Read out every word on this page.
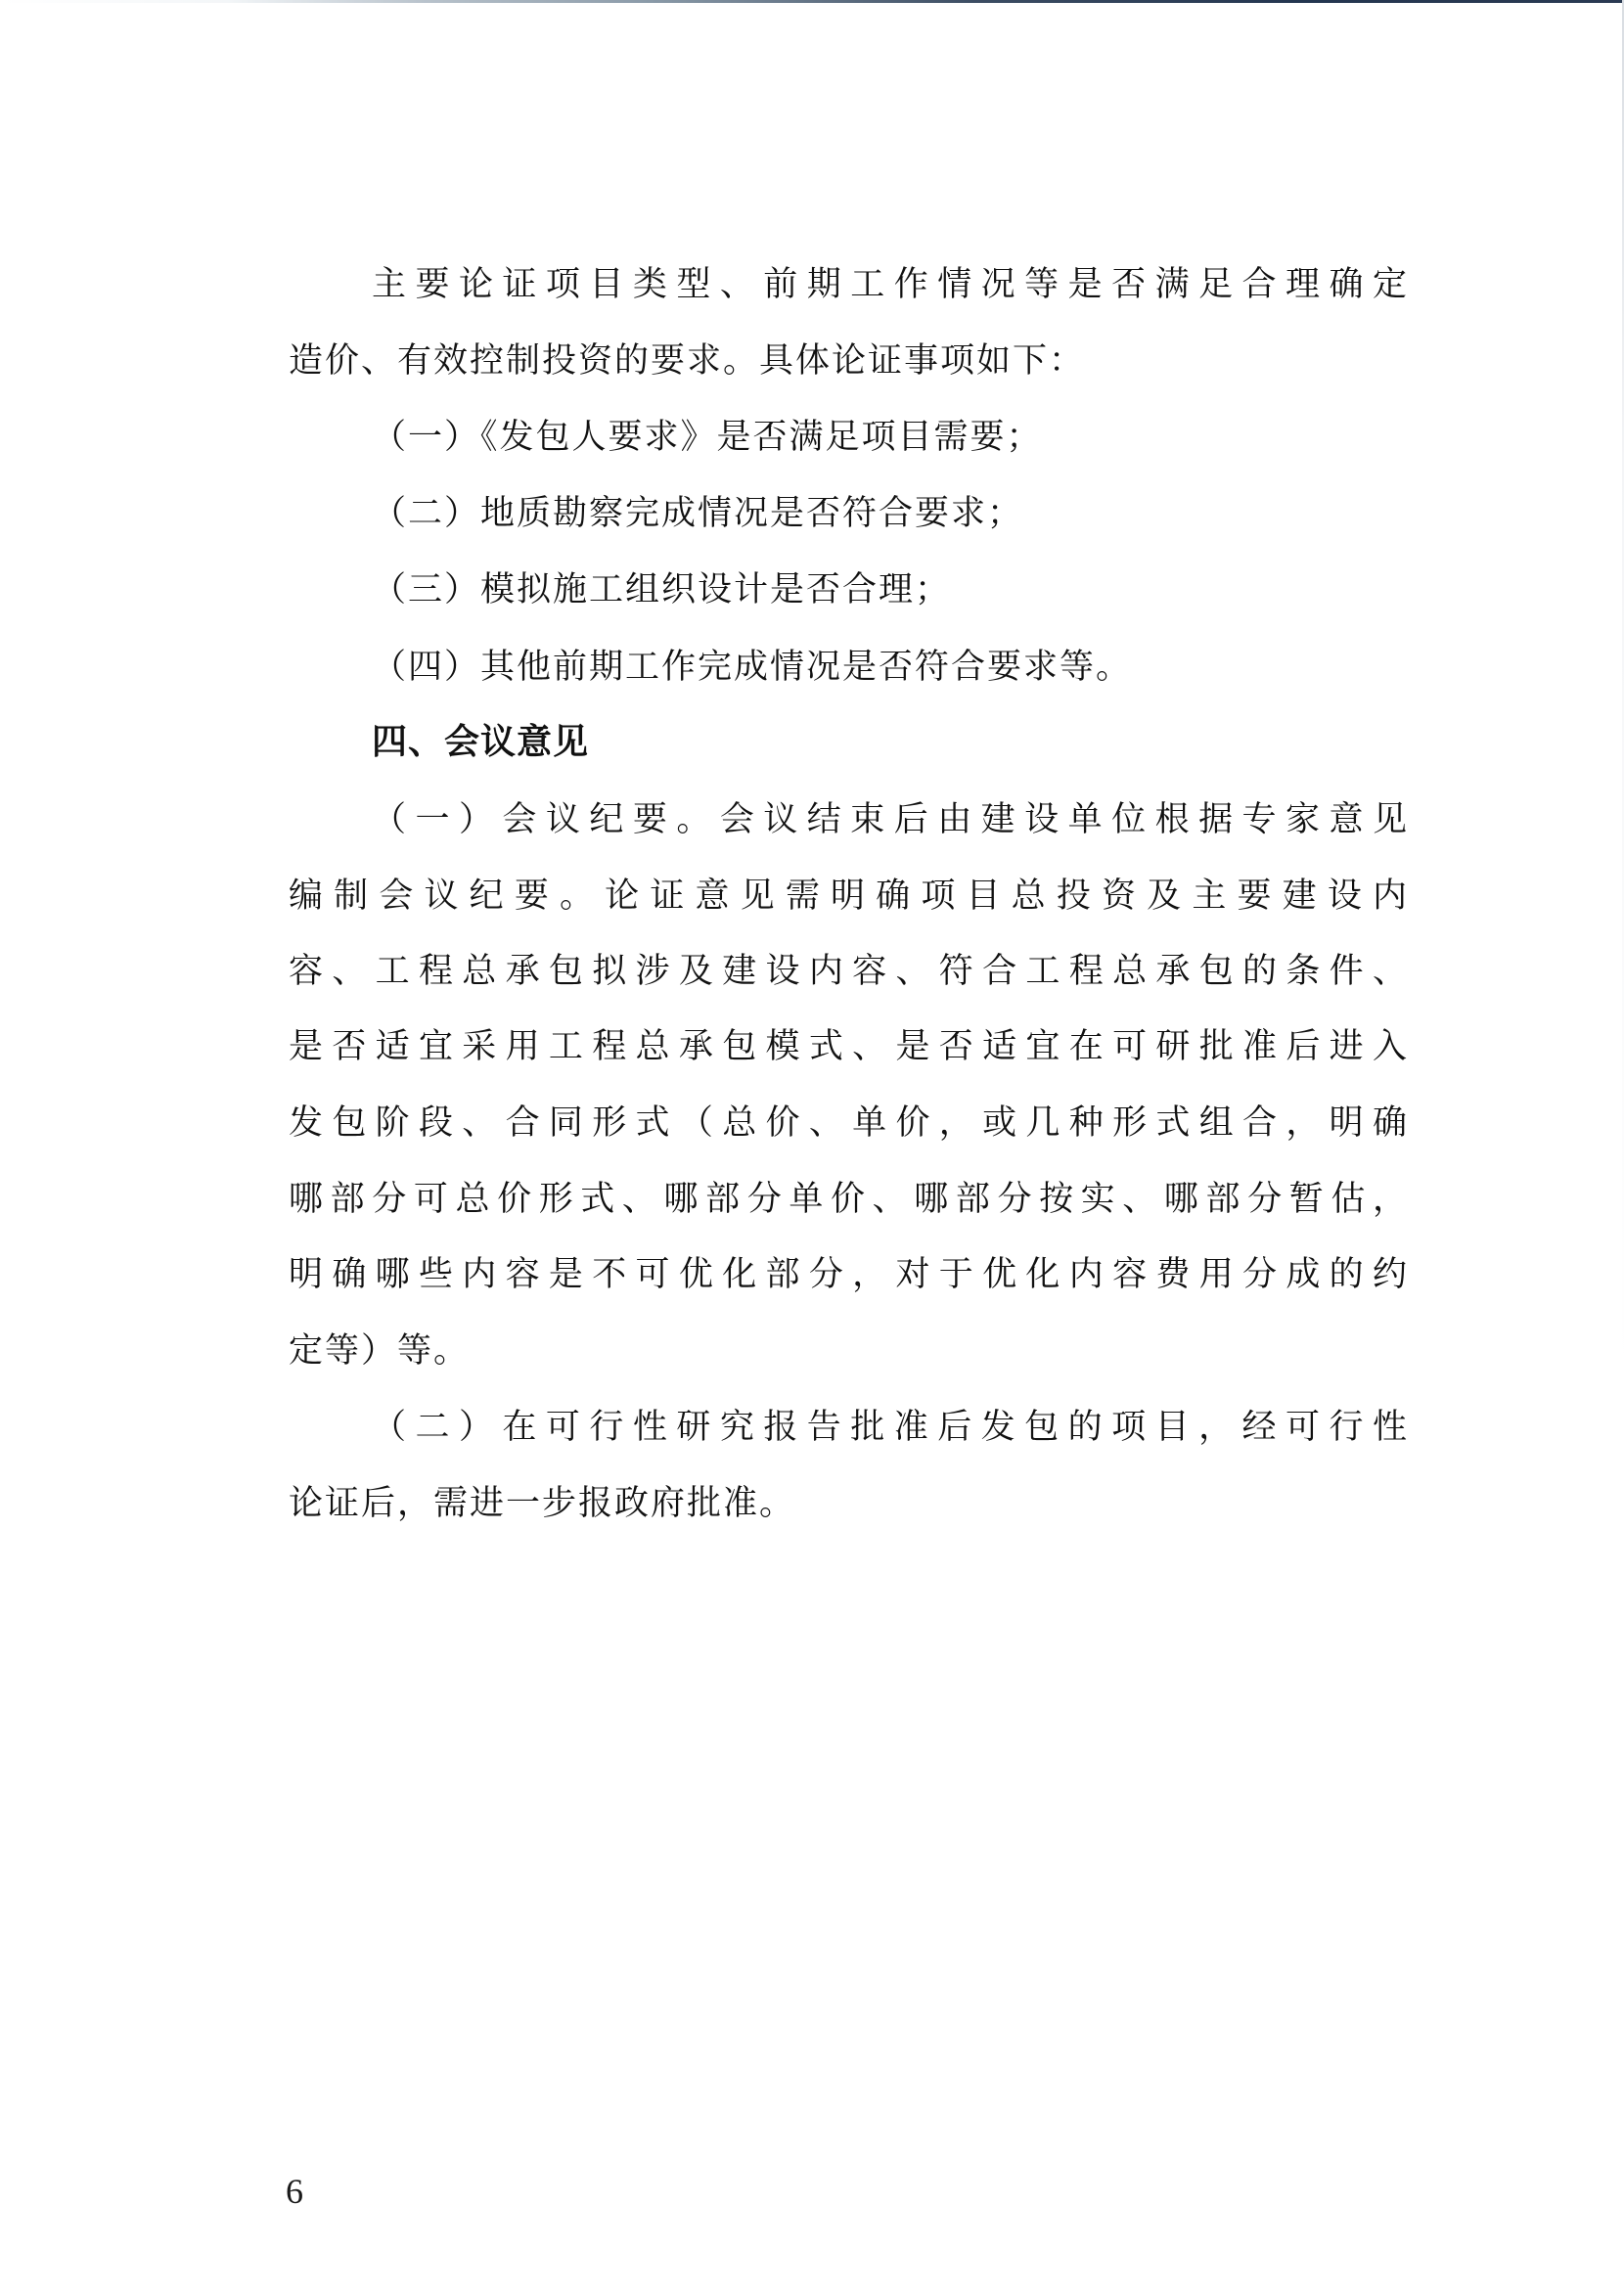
主要论证项目类型、前期工作情况等是否满足合理确定
造价、有效控制投资的要求。具体论证事项如下：
（一）《发包人要求》是否满足项目需要；
（二）地质勘察完成情况是否符合要求；
（三）模拟施工组织设计是否合理；
（四）其他前期工作完成情况是否符合要求等。
四、会议意见
（一）会议纪要。会议结束后由建设单位根据专家意见
编制会议纪要。论证意见需明确项目总投资及主要建设内
容、工程总承包拟涉及建设内容、符合工程总承包的条件、
是否适宜采用工程总承包模式、是否适宜在可研批准后进入
发包阶段、合同形式（总价、单价，或几种形式组合，明确
哪部分可总价形式、哪部分单价、哪部分按实、哪部分暂估，
明确哪些内容是不可优化部分，对于优化内容费用分成的约
定等）等。
（二）在可行性研究报告批准后发包的项目，经可行性
论证后，需进一步报政府批准。
6
